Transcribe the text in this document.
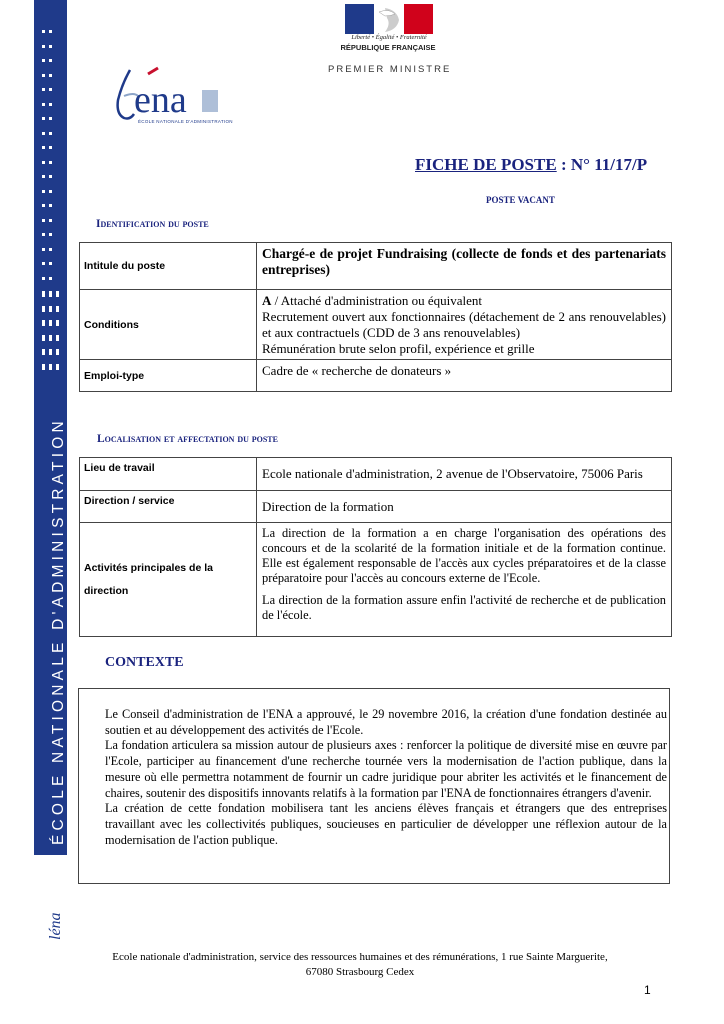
ÉCOLE NATIONALE D'ADMINISTRATION
léna
Liberté • Égalité • Fraternité
RÉPUBLIQUE FRANÇAISE
PREMIER MINISTRE
ena
ÉCOLE NATIONALE D'ADMINISTRATION
FICHE DE POSTE : N° 11/17/P
POSTE VACANT
Identification du poste
Intitule du poste	Chargé-e de projet Fundraising (collecte de fonds et des partenariats entreprises)
Conditions	A / Attaché d'administration ou équivalent
Recrutement ouvert aux fonctionnaires (détachement de 2 ans renouvelables) et aux contractuels (CDD de 3 ans renouvelables)
Rémunération brute selon profil, expérience et grille

Emploi-type	Cadre de « recherche de donateurs »
Localisation et affectation du poste
Lieu de travail	Ecole nationale d'administration, 2 avenue de l'Observatoire, 75006 Paris
Direction / service	Direction de la formation
Activités principales de la direction	La direction de la formation a en charge l'organisation des opérations des concours et de la scolarité de la formation initiale et de la formation continue. Elle est également responsable de l'accès aux cycles préparatoires et de la classe préparatoire pour l'accès au concours externe de l'Ecole.
La direction de la formation assure enfin l'activité de recherche et de publication de l'école.
CONTEXTE

Le Conseil d'administration de l'ENA a approuvé, le 29 novembre 2016, la création d'une fondation destinée au soutien et au développement des activités de l'Ecole.

La fondation articulera sa mission autour de plusieurs axes : renforcer la politique de diversité mise en œuvre par l'Ecole, participer au financement d'une recherche tournée vers la modernisation de l'action publique, dans la mesure où elle permettra notamment de fournir un cadre juridique pour abriter les activités et le financement de chaires, soutenir des dispositifs innovants relatifs à la formation par l'ENA de fonctionnaires étrangers d'avenir.

La création de cette fondation mobilisera tant les anciens élèves français et étrangers que des entreprises travaillant avec les collectivités publiques, soucieuses en particulier de développer une réflexion autour de la modernisation de l'action publique.

Ecole nationale d'administration, service des ressources humaines et des rémunérations, 1 rue Sainte Marguerite,
67080 Strasbourg Cedex
1
